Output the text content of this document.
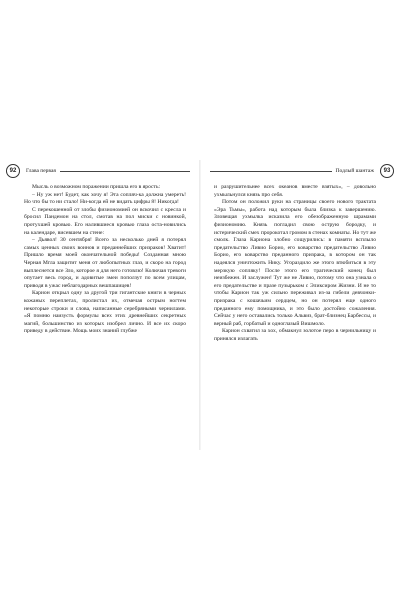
92	Глава первая	Подлый шантаж	93

Мысль о возможном поражении пришла его в ярость:

– Ну уж нет! Будет, как хочу я! Эта сопляч-ка должна умереть! Но что бы то ни стало! Ни-когда ей не видать цифры 8! Никогда!

С перекошенной от злобы физиономией он вскочил с кресла и бросил Пандемон на стол, смотав на пол миски с новинкой, протухшей кровью. Его налившиеся кровью глаза оста-новились на календаре, висевшем на стене:

– Дьявол! 30 сентября! Всего за несколько дней я потерял самых ценных своих воинов и преданнейших призраков! Хватит! Пришло время моей окончательной победы! Созданная мною Черная Мгла защитит меня от любопытных глаз, и скоро на город выплеснется все Зло, которое я для него готовлю! Колючая тревоги опутает весь город, и адовитые змеи поползут по всем улицам, приводя в ужас неблагодарных вешпашицев!

Карион открыл одну за другой три гигантские книги в черных кожаных переплетах, пролистал их, отмечая острым ногтем некоторые строки и слова, написанные серебряными чернилами. «Я помню наизусть формулы всех этих древнейших секретных магий, большинство из которых изобрел лично. И все их скоро приведу в действие. Мощь моих знаний глубже

и разрушительнее всех океанов вместе взятых», – довольно ухмыльнулся князь про себя.

Потом он положил руки на страницы своего нового трактата «Эра Тьмы», работа над которым была близка к завершению. Зловещая ухмылка исказила его обезображенную шрамами физиономию. Князь погладил свою острую бородку, и истерический смех пророкотал громом в стенах комнаты. Но тут же смолк. Глаза Кариона злобно сощурились: в памяти всплыло предательство Ливио Борио, его коварство предательство Ливио Борио, его коварство преданного призрака, в котором он так надеялся уничтожить Нику. Угораздило же этого втюбиться в эту мерзкую сопляку! После этого его трагический конец был неизбежен. И заслужен! Тут же не Ливио, потому что она узнала о его предательстве и празе пузырьком с Эликсиром Жизни. И не то чтобы Карион так уж сильно переживал из-за гибели девчонки-призрака с кошачьим сердцем, но он потерял еще одного преданного ему помощника, и это было достойно сожаления. Сейчас у него оставались только Альвиз, брат-близнец Барбессы, и верный раб, горбатый и одноглазый Вишмоло.

Карион схватил за хох, обмакнул золотое перо в чернильницу и принялся излагать
